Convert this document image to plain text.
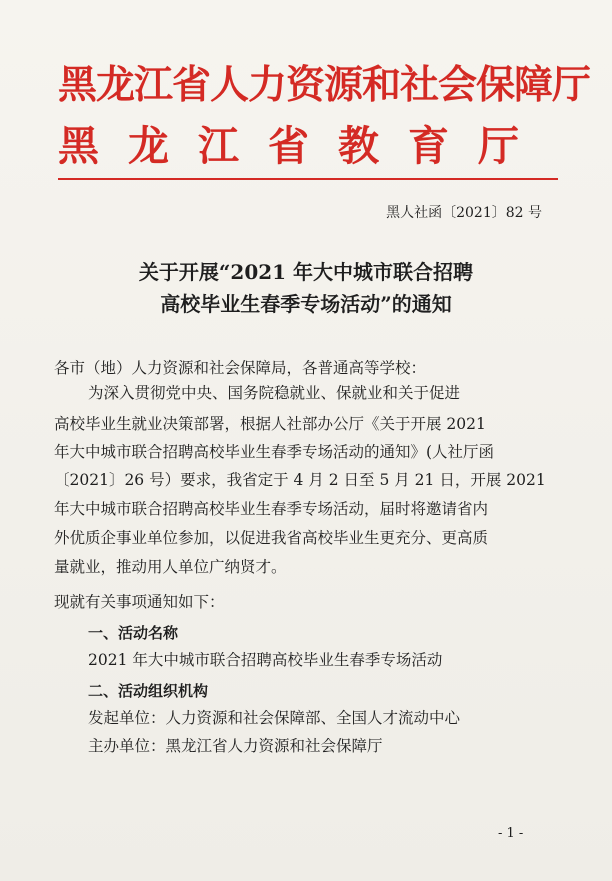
黑龙江省人力资源和社会保障厅
黑龙江省教育厅
黑人社函〔2021〕82 号
关于开展“2021 年大中城市联合招聘
高校毕业生春季专场活动”的通知
各市（地）人力资源和社会保障局，各普通高等学校：
为深入贯彻党中央、国务院稳就业、保就业和关于促进
高校毕业生就业决策部署，根据人社部办公厅《关于开展 2021
年大中城市联合招聘高校毕业生春季专场活动的通知》(人社厅函
〔2021〕26 号）要求，我省定于 4 月 2 日至 5 月 21 日，开展 2021
年大中城市联合招聘高校毕业生春季专场活动，届时将邀请省内
外优质企事业单位参加，以促进我省高校毕业生更充分、更高质
量就业，推动用人单位广纳贤才。
现就有关事项通知如下：
一、活动名称
2021 年大中城市联合招聘高校毕业生春季专场活动
二、活动组织机构
发起单位：人力资源和社会保障部、全国人才流动中心
主办单位：黑龙江省人力资源和社会保障厅
- 1 -
